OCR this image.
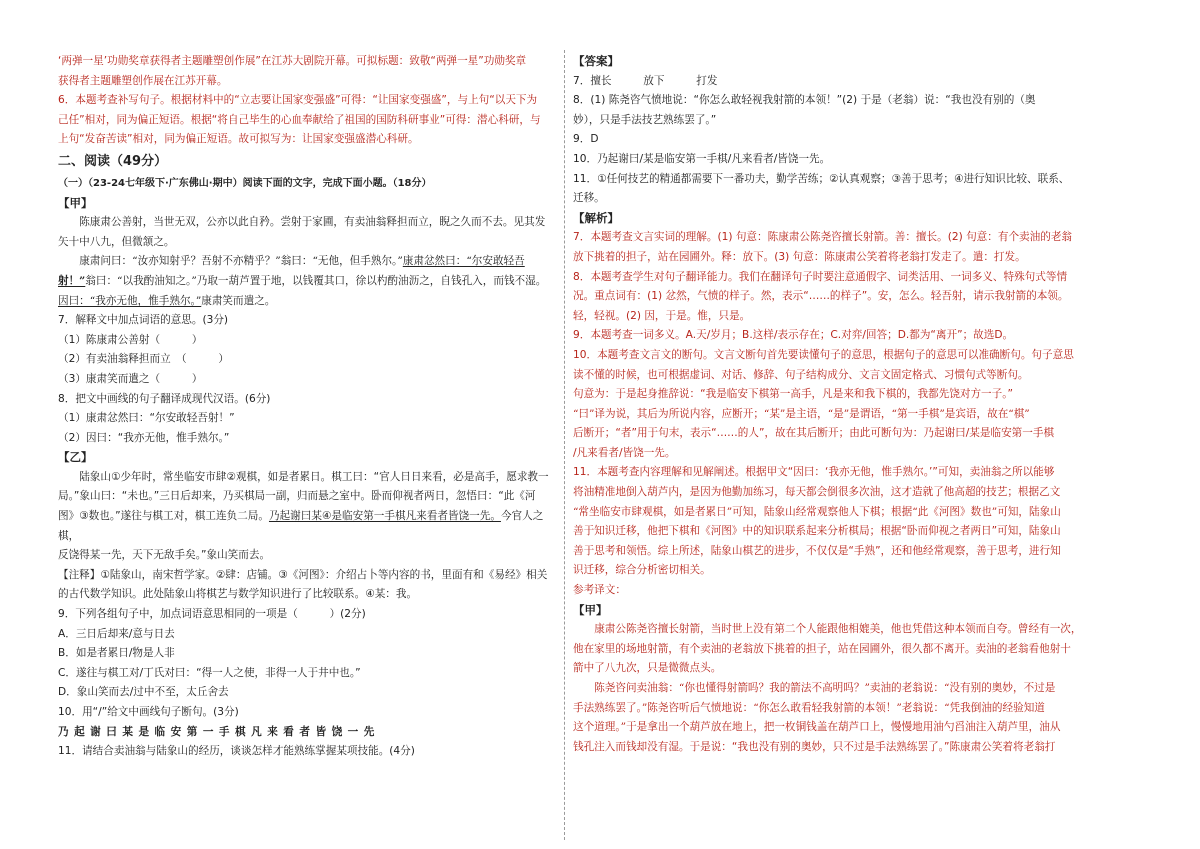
‘两弹一星’功勋奖章获得者主题雕塑创作展”在江苏大剧院开幕。可拟标题：致敬“两弹一星”功勋奖章

获得者主题雕塑创作展在江苏开幕。

6．本题考查补写句子。根据材料中的“立志要让国家变强盛”可得：“让国家变强盛”，与上句“以天下为

己任”相对，同为偏正短语。根据“将自己毕生的心血奉献给了祖国的国防科研事业”可得：潜心科研，与

上句“发奋苦读”相对，同为偏正短语。故可拟写为：让国家变强盛潜心科研。

二、阅读（49分）

（一）（23-24七年级下·广东佛山·期中）阅读下面的文字，完成下面小题。（18分）

【甲】

陈康肃公善射，当世无双，公亦以此自矜。尝射于家圃，有卖油翁释担而立，睨之久而不去。见其发

矢十中八九，但微颔之。

康肃问曰：“汝亦知射乎？吾射不亦精乎？”翁曰：“无他，但手熟尔。”康肃忿然曰：“尔安敢轻吾

射！”翁曰：“以我酌油知之。”乃取一葫芦置于地，以钱覆其口，徐以杓酌油沥之，自钱孔入，而钱不湿。

因曰：“我亦无他，惟手熟尔。”康肃笑而遣之。

7．解释文中加点词语的意思。(3分)

（1）陈康肃公善射（　　　）

（2）有卖油翁释担而立　（　　　）

（3）康肃笑而遣之（　　　）

8．把文中画线的句子翻译成现代汉语。(6分)

（1）康肃忿然曰：“尔安敢轻吾射！”

（2）因曰：“我亦无他，惟手熟尔。”

【乙】

陆象山①少年时，常坐临安市肆②观棋，如是者累日。棋工曰：“官人日日来看，必是高手，愿求教一

局。”象山曰：“未也。”三日后却来，乃买棋局一副，归而悬之室中。卧而仰视者两日，忽悟曰：“此《河

图》③数也。”遂往与棋工对，棋工连负二局。乃起谢曰某④是临安第一手棋凡来看者皆饶一先。今官人之棋，

反饶得某一先，天下无敌手矣。”象山笑而去。

【注释】①陆象山，南宋哲学家。②肆：店铺。③《河图》：介绍占卜等内容的书，里面有和《易经》相关

的古代数学知识。此处陆象山将棋艺与数学知识进行了比较联系。④某：我。

9．下列各组句子中，加点词语意思相同的一项是（　　　）(2分)

A．三日后却来/意与日去

B．如是者累日/物是人非

C．遂往与棋工对/丁氏对曰：“得一人之使，非得一人于井中也。”

D．象山笑而去/过中不至，太丘舍去

10．用“/”给文中画线句子断句。(3分)

乃起谢曰某是临安第一手棋凡来看者皆饶一先

11．请结合卖油翁与陆象山的经历，谈谈怎样才能熟练掌握某项技能。(4分)

【答案】

7．擅长　　　放下　　　打发

8．(1) 陈尧咨气愤地说：“你怎么敢轻视我射箭的本领！”(2) 于是（老翁）说：“我也没有别的（奥

妙），只是手法技艺熟练罢了。”

9．D

10．乃起谢曰/某是临安第一手棋/凡来看者/皆饶一先。

11．①任何技艺的精通都需要下一番功夫，勤学苦练；②认真观察；③善于思考；④进行知识比较、联系、

迁移。

【解析】

7．本题考查文言实词的理解。(1) 句意：陈康肃公陈尧咨擅长射箭。善：擅长。(2) 句意：有个卖油的老翁

放下挑着的担子，站在园圃外。释：放下。(3) 句意：陈康肃公笑着将老翁打发走了。遣：打发。

8．本题考查学生对句子翻译能力。我们在翻译句子时要注意通假字、词类活用、一词多义、特殊句式等情

况。重点词有：(1) 忿然，气愤的样子。然，表示“……的样子”。安，怎么。轻吾射，请示我射箭的本领。

轻，轻视。(2) 因，于是。惟，只是。

9．本题考查一词多义。A.天/岁月；B.这样/表示存在；C.对弈/回答；D.都为“离开”；故选D。

10．本题考查文言文的断句。文言文断句首先要读懂句子的意思，根据句子的意思可以准确断句。句子意思

读不懂的时候，也可根据虚词、对话、修辞、句子结构成分、文言文固定格式、习惯句式等断句。

句意为：于是起身推辞说：“我是临安下棋第一高手，凡是来和我下棋的，我都先饶对方一子。”

“曰”译为说，其后为所说内容，应断开；“某”是主语，“是”是谓语，“第一手棋”是宾语，故在“棋”

后断开；“者”用于句末，表示“……的人”，故在其后断开；由此可断句为：乃起谢曰/某是临安第一手棋

/凡来看者/皆饶一先。

11．本题考查内容理解和见解阐述。根据甲文“因曰：‘我亦无他，惟手熟尔。’”可知，卖油翁之所以能够

将油精准地倒入葫芦内，是因为他勤加练习，每天都会倒很多次油，这才造就了他高超的技艺；根据乙文

“常坐临安市肆观棋，如是者累日”可知，陆象山经常观察他人下棋；根据“此《河图》数也”可知，陆象山

善于知识迁移，他把下棋和《河图》中的知识联系起来分析棋局；根据“卧而仰视之者两日”可知，陆象山

善于思考和领悟。综上所述，陆象山棋艺的进步，不仅仅是“手熟”，还和他经常观察，善于思考，进行知

识迁移，综合分析密切相关。

参考译文：

【甲】

康肃公陈尧咨擅长射箭，当时世上没有第二个人能跟他相媲美，他也凭借这种本领而自夸。曾经有一次，

他在家里的场地射箭，有个卖油的老翁放下挑着的担子，站在园圃外，很久都不离开。卖油的老翁看他射十

箭中了八九次，只是微微点头。

陈尧咨问卖油翁：“你也懂得射箭吗？我的箭法不高明吗？”卖油的老翁说：“没有别的奥妙，不过是

手法熟练罢了。”陈尧咨听后气愤地说：“你怎么敢看轻我射箭的本领！”老翁说：“凭我倒油的经验知道

这个道理。”于是拿出一个葫芦放在地上，把一枚铜钱盖在葫芦口上，慢慢地用油勺舀油注入葫芦里，油从

钱孔注入而钱却没有湿。于是说：“我也没有别的奥妙，只不过是手法熟练罢了。”陈康肃公笑着将老翁打
